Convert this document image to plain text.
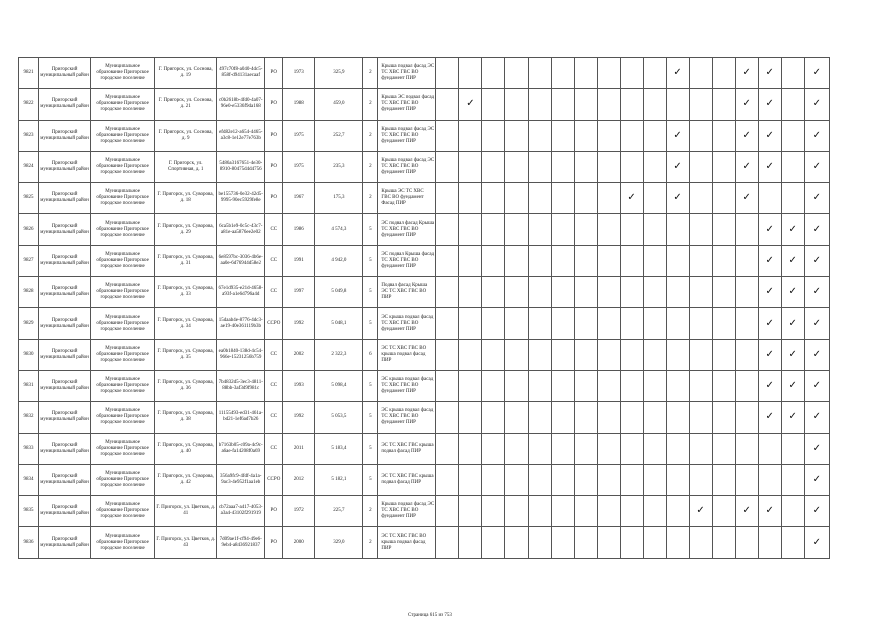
9821	Пригорский муниципальный район	Муниципальное образование Пригорское городское поселение	Г. Пригорск, ул. Соснова, д. 19	497c70f8-a040-4dc5-858f-d94131aecaaf	РО	1973	325,9	2	Крыша подвал фасад ЭС ТС ХВС ГВС ВО фундамент ПИР											✓			✓	✓		✓
9822	Пригорский муниципальный район	Муниципальное образование Пригорское городское поселение	Г. Пригорск, ул. Соснова, д. 21	c0b2618b-4fd0-4a07-96e0-e5336f9da168	РО	1988	459,0	2	Крыша ЭС подвал фасад ТС ХВС ГВС ВО фундамент ПИР		✓												✓	✓		✓
9823	Пригорский муниципальный район	Муниципальное образование Пригорское городское поселение	Г. Пригорск, ул. Соснова, д. 9	efd82e12-a654-4465-a3c8-1e12e77e763b	РО	1975	252,7	2	Крыша подвал фасад ЭС ТС ХВС ГВС ВО фундамент ПИР											✓			✓	✓		✓
9824	Пригорский муниципальный район	Муниципальное образование Пригорское городское поселение	Г. Пригорск, ул. Спортивная, д. 1	5486a3167651-4e30-8910-80475d4d4756	РО	1975	235,3	2	Крыша подвал фасад ЭС ТС ХВС ГВС ВО фундамент ПИР											✓			✓	✓		✓
9825	Пригорский муниципальный район	Муниципальное образование Пригорское городское поселение	Г. Пригорск, ул. Суворова, д. 18	be155736-0e32-42d5-9995-90ec5929fe8e	РО	1967	175,3	2	Крыша ЭС ТС ХВС ГВС ВО фундамент Фасад ПИР									✓		✓			✓			✓
9826	Пригорский муниципальный район	Муниципальное образование Пригорское городское поселение	Г. Пригорск, ул. Суворова, д. 29	6ca5b1e9-0c5c-43c7-a81e-aa5876ee2e02	СС	1986	4 574,3	5	ЭС подвал фасад Крыша ТС ХВС ГВС ВО фундамент ПИР															✓	✓	✓
9827	Пригорский муниципальный район	Муниципальное образование Пригорское городское поселение	Г. Пригорск, ул. Суворова, д. 31	6e8597bc-3036-4b6e-aa0e-6d76944d58e2	СС	1991	4 942,0	5	ЭС подвал Крыша фасад ТС ХВС ГВС ВО фундамент ПИР															✓	✓	✓
9828	Пригорский муниципальный район	Муниципальное образование Пригорское городское поселение	Г. Пригорск, ул. Суворова, д. 33	67e1d935-e21d-4658-a93f-a1e6d796a4d	СС	1997	5 049,8	5	Подвал фасад Крыша ЭС ТС ХВС ГВС ВО ПИР															✓	✓	✓
9829	Пригорский муниципальный район	Муниципальное образование Пригорское городское поселение	Г. Пригорск, ул. Суворова, д. 34	15daab4e-8776-4dc3-ae19-40e361119b3b	ССРО	1992	5 048,1	5	ЭС крыша подвал фасад ТС ХВС ГВС ВО фундамент ПИР															✓	✓	✓
9830	Пригорский муниципальный район	Муниципальное образование Пригорское городское поселение	Г. Пригорск, ул. Суворова, д. 35	ea0b1840-138d-4c54-966e-15231256b759	СС	2002	2 322,3	6	ЭС ТС ХВС ГВС ВО крыша подвал фасад ПИР															✓	✓	✓
9831	Пригорский муниципальный район	Муниципальное образование Пригорское городское поселение	Г. Пригорск, ул. Суворова, д. 36	7b4832d5-3ec3-4811-88bb-3af3d9f981c	СС	1993	5 098,4	5	ЭС крыша подвал фасад ТС ХВС ГВС ВО фундамент ПИР															✓	✓	✓
9832	Пригорский муниципальный район	Муниципальное образование Пригорское городское поселение	Г. Пригорск, ул. Суворова, д. 38	11155493-ed31-461a-bd21-1ef6ad7b26	СС	1992	5 053,5	5	ЭС крыша подвал фасад ТС ХВС ГВС ВО фундамент ПИР															✓	✓	✓
9833	Пригорский муниципальный район	Муниципальное образование Пригорское городское поселение	Г. Пригорск, ул. Суворова, д. 40	b7163b05-c09a-4c9c-a6ae-fa14208f0a69	СС	2011	5 183,4	5	ЭС ТС ХВС ГВС крыша подвал фасад ПИР																	✓
9834	Пригорский муниципальный район	Муниципальное образование Пригорское городское поселение	Г. Пригорск, ул. Суворова, д. 42	356a9fc9-4fdf-4a1a-9ac3-4e952f1aa1eb	ССРО	2012	5 182,1	5	ЭС ТС ХВС ГВС крыша подвал фасад ПИР																	✓
9835	Пригорский муниципальный район	Муниципальное образование Пригорское городское поселение	Г. Пригорск, ул. Цветков, д. 41	cb72aaa7-a417-4053-a3a4-43102f291919	РО	1972	225,7	2	Крыша подвал фасад ЭС ТС ХВС ГВС ВО фундамент ПИР												✓		✓	✓		✓
9836	Пригорский муниципальный район	Муниципальное образование Пригорское городское поселение	Г. Пригорск, ул. Цветков, д. 43	7d09ae1f-cf94-49e6-9eb4-a8436921837	РО	2000	329,0	2	ЭС ТС ХВС ГВС ВО крыша подвал фасад ПИР																	✓
Страница 615 из 753
